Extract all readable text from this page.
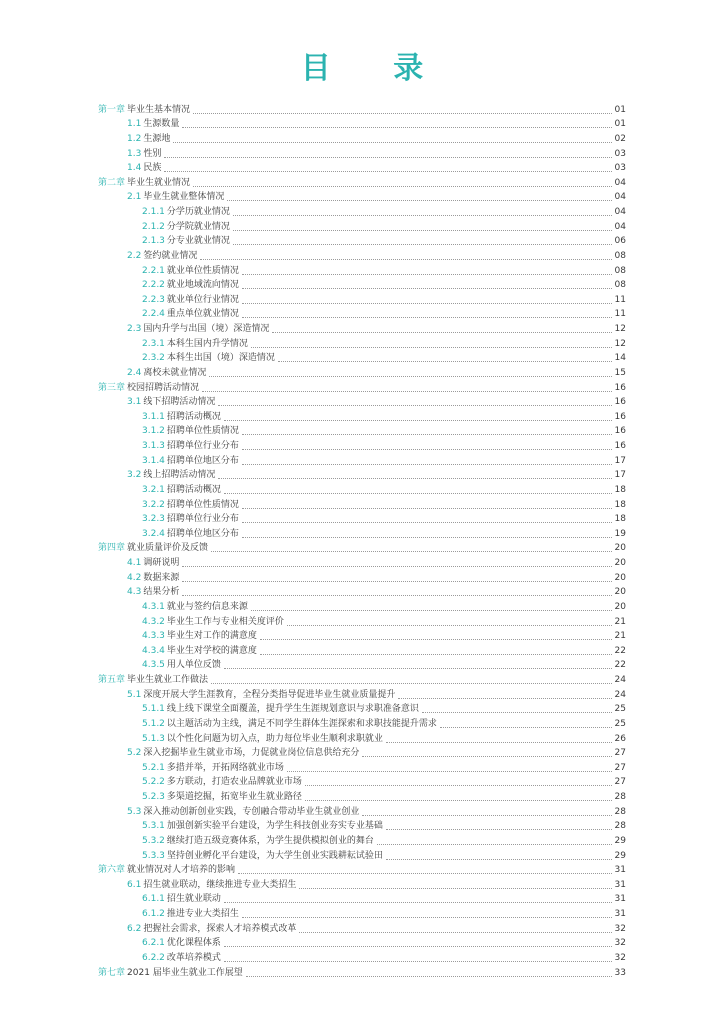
目 录
第一章 毕业生基本情况	01
1.1 生源数量	01
1.2 生源地	02
1.3 性别	03
1.4 民族	03
第二章 毕业生就业情况	04
2.1 毕业生就业整体情况	04
2.1.1 分学历就业情况	04
2.1.2 分学院就业情况	04
2.1.3 分专业就业情况	06
2.2 签约就业情况	08
2.2.1 就业单位性质情况	08
2.2.2 就业地域流向情况	08
2.2.3 就业单位行业情况	11
2.2.4 重点单位就业情况	11
2.3 国内升学与出国（境）深造情况	12
2.3.1 本科生国内升学情况	12
2.3.2 本科生出国（境）深造情况	14
2.4 离校未就业情况	15
第三章 校园招聘活动情况	16
3.1 线下招聘活动情况	16
3.1.1 招聘活动概况	16
3.1.2 招聘单位性质情况	16
3.1.3 招聘单位行业分布	16
3.1.4 招聘单位地区分布	17
3.2 线上招聘活动情况	17
3.2.1 招聘活动概况	18
3.2.2 招聘单位性质情况	18
3.2.3 招聘单位行业分布	18
3.2.4 招聘单位地区分布	19
第四章 就业质量评价及反馈	20
4.1 调研说明	20
4.2 数据来源	20
4.3 结果分析	20
4.3.1 就业与签约信息来源	20
4.3.2 毕业生工作与专业相关度评价	21
4.3.3 毕业生对工作的满意度	21
4.3.4 毕业生对学校的满意度	22
4.3.5 用人单位反馈	22
第五章 毕业生就业工作做法	24
5.1 深度开展大学生涯教育，全程分类指导促进毕业生就业质量提升	24
5.1.1 线上线下课堂全面覆盖，提升学生生涯规划意识与求职准备意识	25
5.1.2 以主题活动为主线，满足不同学生群体生涯探索和求职技能提升需求	25
5.1.3 以个性化问题为切入点，助力每位毕业生顺利求职就业	26
5.2 深入挖掘毕业生就业市场，力促就业岗位信息供给充分	27
5.2.1 多措并举，开拓网络就业市场	27
5.2.2 多方联动，打造农业品牌就业市场	27
5.2.3 多渠道挖掘，拓宽毕业生就业路径	28
5.3 深入推动创新创业实践，专创融合带动毕业生就业创业	28
5.3.1 加强创新实验平台建设，为学生科技创业夯实专业基础	28
5.3.2 继续打造五级竞赛体系，为学生提供模拟创业的舞台	29
5.3.3 坚持创业孵化平台建设，为大学生创业实践耕耘试验田	29
第六章 就业情况对人才培养的影响	31
6.1 招生就业联动，继续推进专业大类招生	31
6.1.1 招生就业联动	31
6.1.2 推进专业大类招生	31
6.2 把握社会需求，探索人才培养模式改革	32
6.2.1 优化课程体系	32
6.2.2 改革培养模式	32
第七章 2021 届毕业生就业工作展望	33
